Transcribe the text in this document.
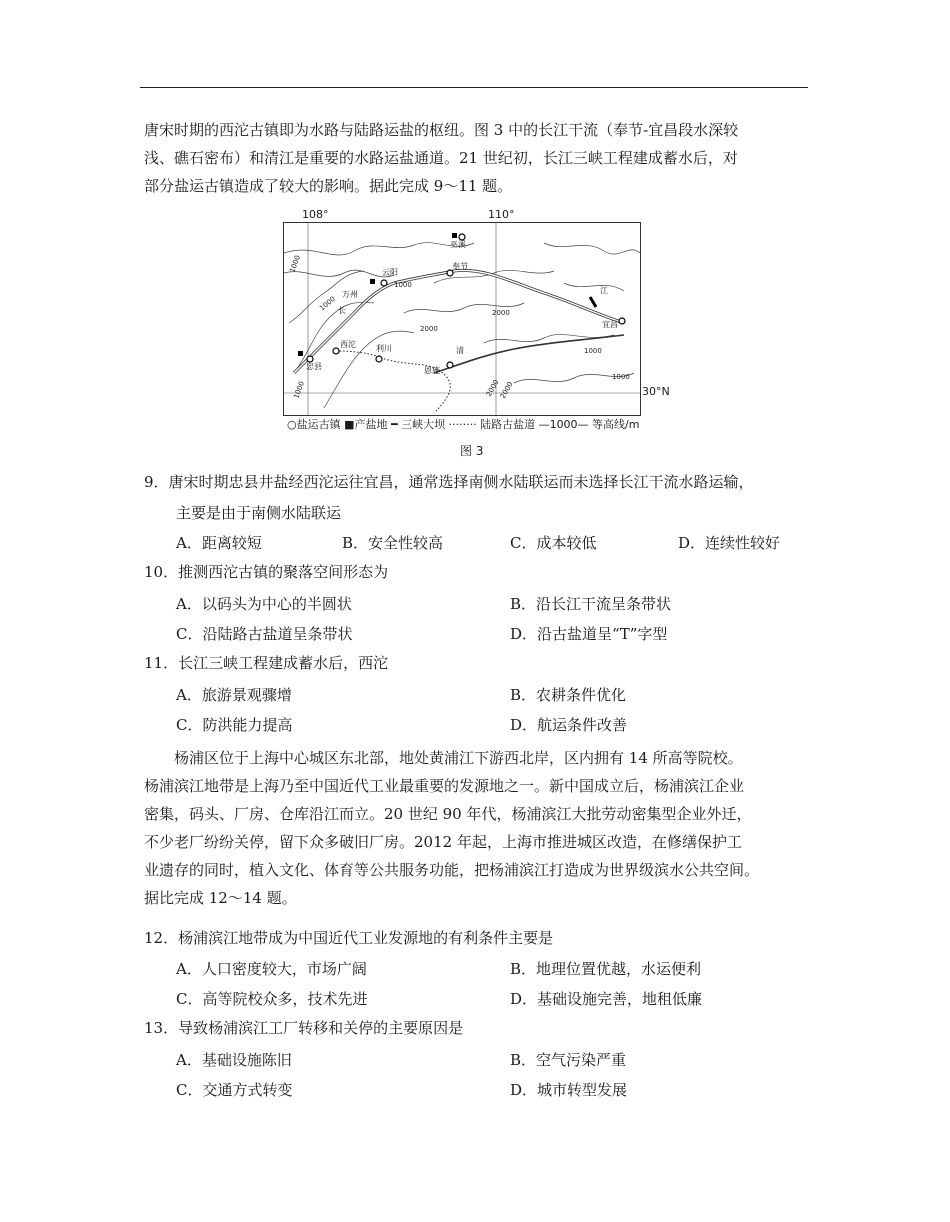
唐宋时期的西沱古镇即为水路与陆路运盐的枢纽。图 3 中的长江干流（奉节-宜昌段水深较
浅、礁石密布）和清江是重要的水路运盐通道。21 世纪初，长江三峡工程建成蓄水后，对
部分盐运古镇造成了较大的影响。据此完成 9～11 题。
108°	110°
30°N
巫溪
奉节
万州
云阳
西沱
忠县
利川
恩施
宜昌
长
江
清
1000
1000
1000
1000
2000
2000
2000
2000
1000
1000
○盐运古镇 ■产盐地 ━ 三峡大坝 ········ 陆路古盐道 —1000— 等高线/m
图 3
9．唐宋时期忠县井盐经西沱运往宜昌，通常选择南侧水陆联运而未选择长江干流水路运输，
主要是由于南侧水陆联运
A．距离较短	B．安全性较高	C．成本较低	D．连续性较好
10．推测西沱古镇的聚落空间形态为
A．以码头为中心的半圆状	B．沿长江干流呈条带状
C．沿陆路古盐道呈条带状	D．沿古盐道呈“T”字型
11．长江三峡工程建成蓄水后，西沱
A．旅游景观骤增	B．农耕条件优化
C．防洪能力提高	D．航运条件改善
杨浦区位于上海中心城区东北部，地处黄浦江下游西北岸，区内拥有 14 所高等院校。
杨浦滨江地带是上海乃至中国近代工业最重要的发源地之一。新中国成立后，杨浦滨江企业
密集，码头、厂房、仓库沿江而立。20 世纪 90 年代，杨浦滨江大批劳动密集型企业外迁，
不少老厂纷纷关停，留下众多破旧厂房。2012 年起，上海市推进城区改造，在修缮保护工
业遗存的同时，植入文化、体育等公共服务功能，把杨浦滨江打造成为世界级滨水公共空间。
据比完成 12～14 题。
12．杨浦滨江地带成为中国近代工业发源地的有利条件主要是
A．人口密度较大，市场广阔	B．地理位置优越，水运便利
C．高等院校众多，技术先进	D．基础设施完善，地租低廉
13．导致杨浦滨江工厂转移和关停的主要原因是
A．基础设施陈旧	B．空气污染严重
C．交通方式转变	D．城市转型发展
